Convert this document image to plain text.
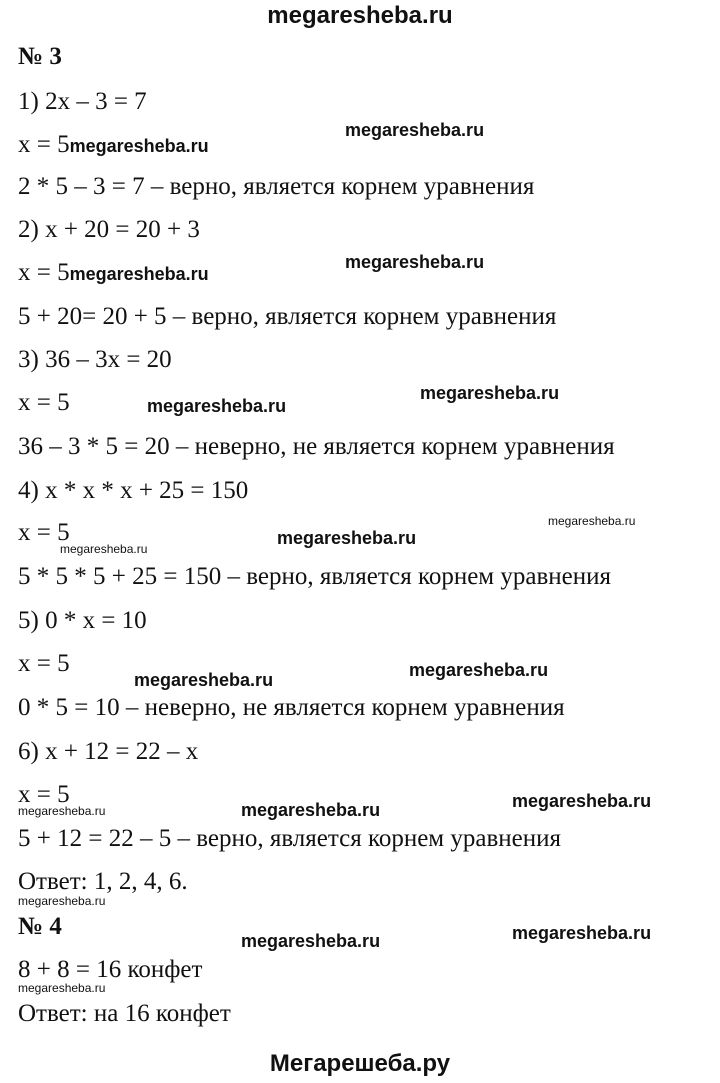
megaresheba.ru
№ 3
1) 2x – 3 = 7
x = 5megaresheba.ru
2 * 5 – 3 = 7 – верно, является корнем уравнения
2) x + 20 = 20 + 3
x = 5megaresheba.ru
5 + 20= 20 + 5 – верно, является корнем уравнения
3) 36 – 3x = 20
x = 5
36 – 3 * 5 = 20 – неверно, не является корнем уравнения
4) x * x * x + 25 = 150
x = 5
5 * 5 * 5 + 25 = 150 – верно, является корнем уравнения
5) 0 * x = 10
x = 5
0 * 5 = 10 – неверно, не является корнем уравнения
6) x + 12 = 22 – x
x = 5
5 + 12 = 22 – 5 – верно, является корнем уравнения
Ответ: 1, 2, 4, 6.
№ 4
8 + 8 = 16 конфет
Ответ: на 16 конфет
megaresheba.ru
megaresheba.ru
megaresheba.ru
megaresheba.ru
megaresheba.ru
megaresheba.ru
megaresheba.ru
megaresheba.ru
megaresheba.ru
megaresheba.ru
megaresheba.ru
megaresheba.ru
megaresheba.ru
megaresheba.ru
megaresheba.ru
megaresheba.ru
Мегарешеба.ру
